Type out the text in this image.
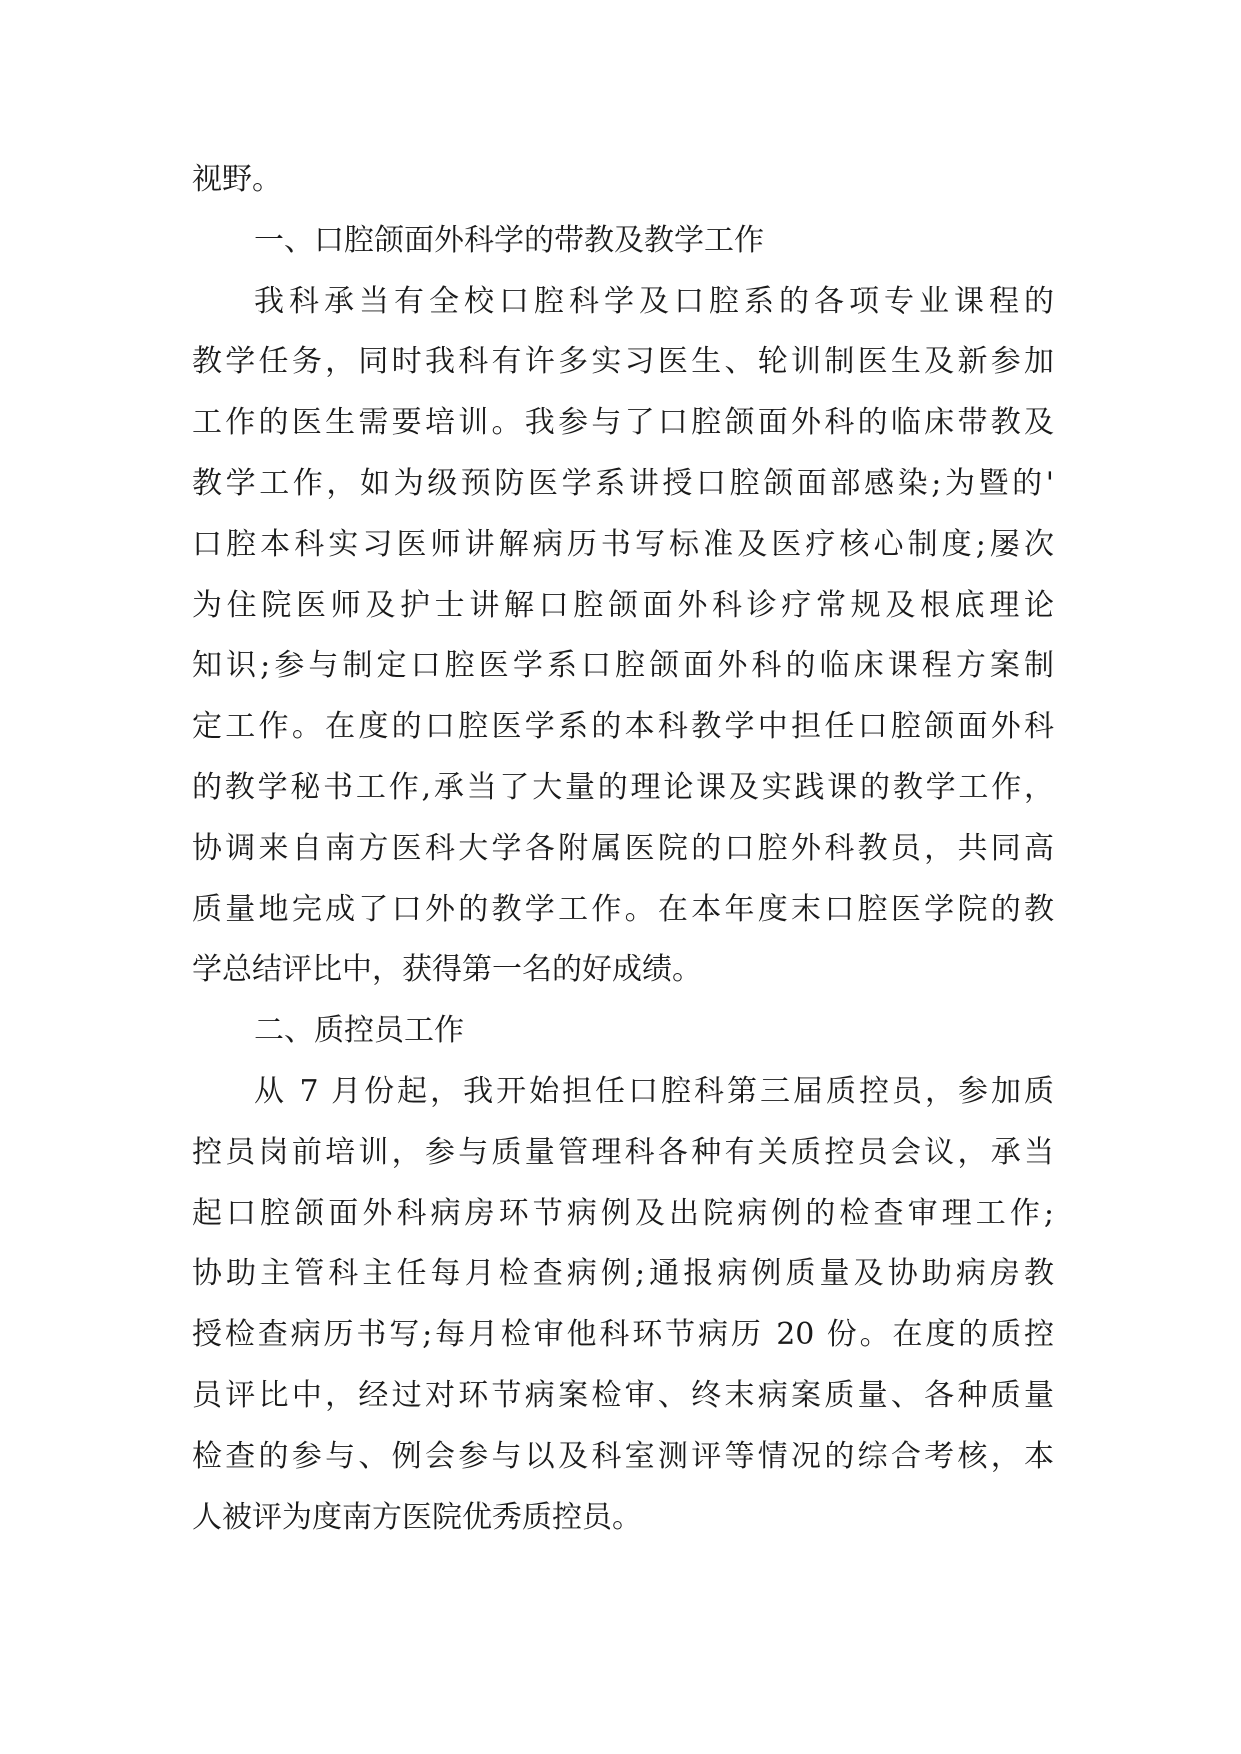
视野。
一、口腔颌面外科学的带教及教学工作
我科承当有全校口腔科学及口腔系的各项专业课程的
教学任务，同时我科有许多实习医生、轮训制医生及新参加
工作的医生需要培训。我参与了口腔颌面外科的临床带教及
教学工作，如为级预防医学系讲授口腔颌面部感染;为暨的'
口腔本科实习医师讲解病历书写标准及医疗核心制度;屡次
为住院医师及护士讲解口腔颌面外科诊疗常规及根底理论
知识;参与制定口腔医学系口腔颌面外科的临床课程方案制
定工作。在度的口腔医学系的本科教学中担任口腔颌面外科
的教学秘书工作,承当了大量的理论课及实践课的教学工作，
协调来自南方医科大学各附属医院的口腔外科教员，共同高
质量地完成了口外的教学工作。在本年度末口腔医学院的教
学总结评比中，获得第一名的好成绩。
二、质控员工作
从 7 月份起，我开始担任口腔科第三届质控员，参加质
控员岗前培训，参与质量管理科各种有关质控员会议，承当
起口腔颌面外科病房环节病例及出院病例的检查审理工作;
协助主管科主任每月检查病例;通报病例质量及协助病房教
授检查病历书写;每月检审他科环节病历 20 份。在度的质控
员评比中，经过对环节病案检审、终末病案质量、各种质量
检查的参与、例会参与以及科室测评等情况的综合考核，本
人被评为度南方医院优秀质控员。
